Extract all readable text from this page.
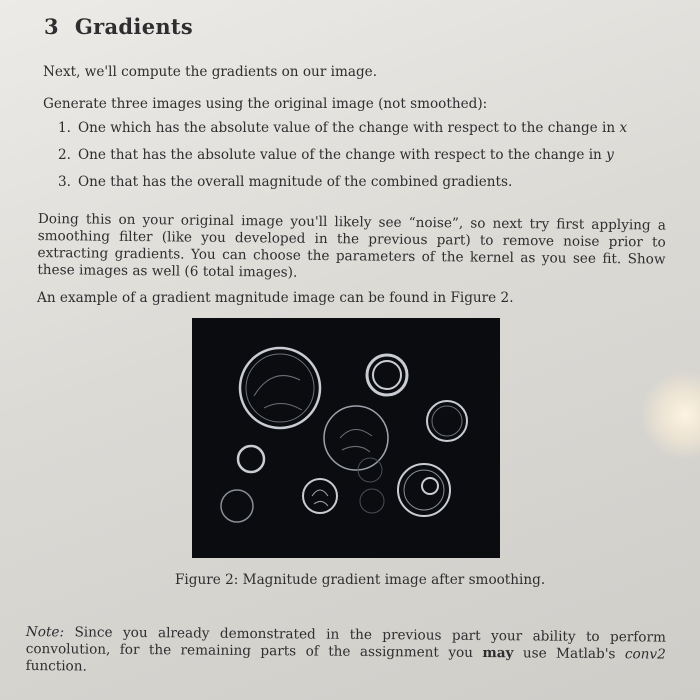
3 Gradients

Next, we'll compute the gradients on our image.

Generate three images using the original image (not smoothed):

1. One which has the absolute value of the change with respect to the change in x
2. One that has the absolute value of the change with respect to the change in y
3. One that has the overall magnitude of the combined gradients.

Doing this on your original image you'll likely see “noise”, so next try first applying a smoothing filter (like you developed in the previous part) to remove noise prior to extracting gradients. You can choose the parameters of the kernel as you see fit. Show these images as well (6 total images).

An example of a gradient magnitude image can be found in Figure 2.

Figure 2: Magnitude gradient image after smoothing.

Note: Since you already demonstrated in the previous part your ability to perform convolution, for the remaining parts of the assignment you may use Matlab's conv2 function.
